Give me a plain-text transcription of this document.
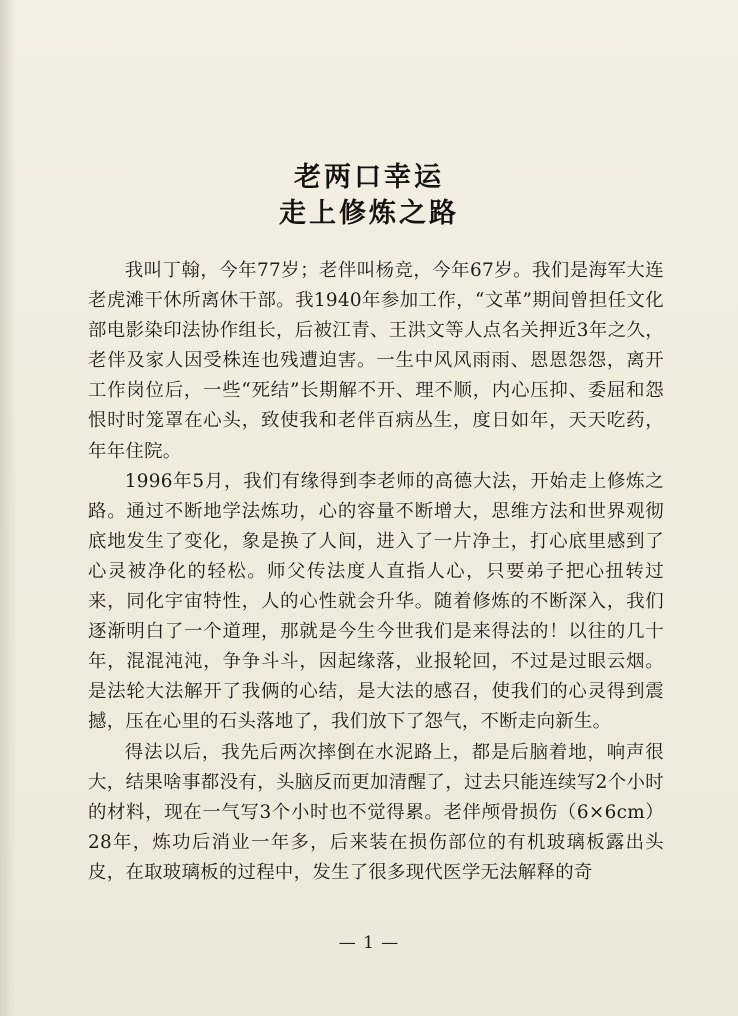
老两口幸运
走上修炼之路

我叫丁翰，今年77岁；老伴叫杨竞，今年67岁。我们是海军大连老虎滩干休所离休干部。我1940年参加工作，“文革”期间曾担任文化部电影染印法协作组长，后被江青、王洪文等人点名关押近3年之久，老伴及家人因受株连也残遭迫害。一生中风风雨雨、恩恩怨怨，离开工作岗位后，一些“死结”长期解不开、理不顺，内心压抑、委屈和怨恨时时笼罩在心头，致使我和老伴百病丛生，度日如年，天天吃药，年年住院。

1996年5月，我们有缘得到李老师的高德大法，开始走上修炼之路。通过不断地学法炼功，心的容量不断增大，思维方法和世界观彻底地发生了变化，象是换了人间，进入了一片净土，打心底里感到了心灵被净化的轻松。师父传法度人直指人心，只要弟子把心扭转过来，同化宇宙特性，人的心性就会升华。随着修炼的不断深入，我们逐渐明白了一个道理，那就是今生今世我们是来得法的！以往的几十年，混混沌沌，争争斗斗，因起缘落，业报轮回，不过是过眼云烟。是法轮大法解开了我俩的心结，是大法的感召，使我们的心灵得到震撼，压在心里的石头落地了，我们放下了怨气，不断走向新生。

得法以后，我先后两次摔倒在水泥路上，都是后脑着地，响声很大，结果啥事都没有，头脑反而更加清醒了，过去只能连续写2个小时的材料，现在一气写3个小时也不觉得累。老伴颅骨损伤（6×6cm）28年，炼功后消业一年多，后来装在损伤部位的有机玻璃板露出头皮，在取玻璃板的过程中，发生了很多现代医学无法解释的奇

— 1 —
